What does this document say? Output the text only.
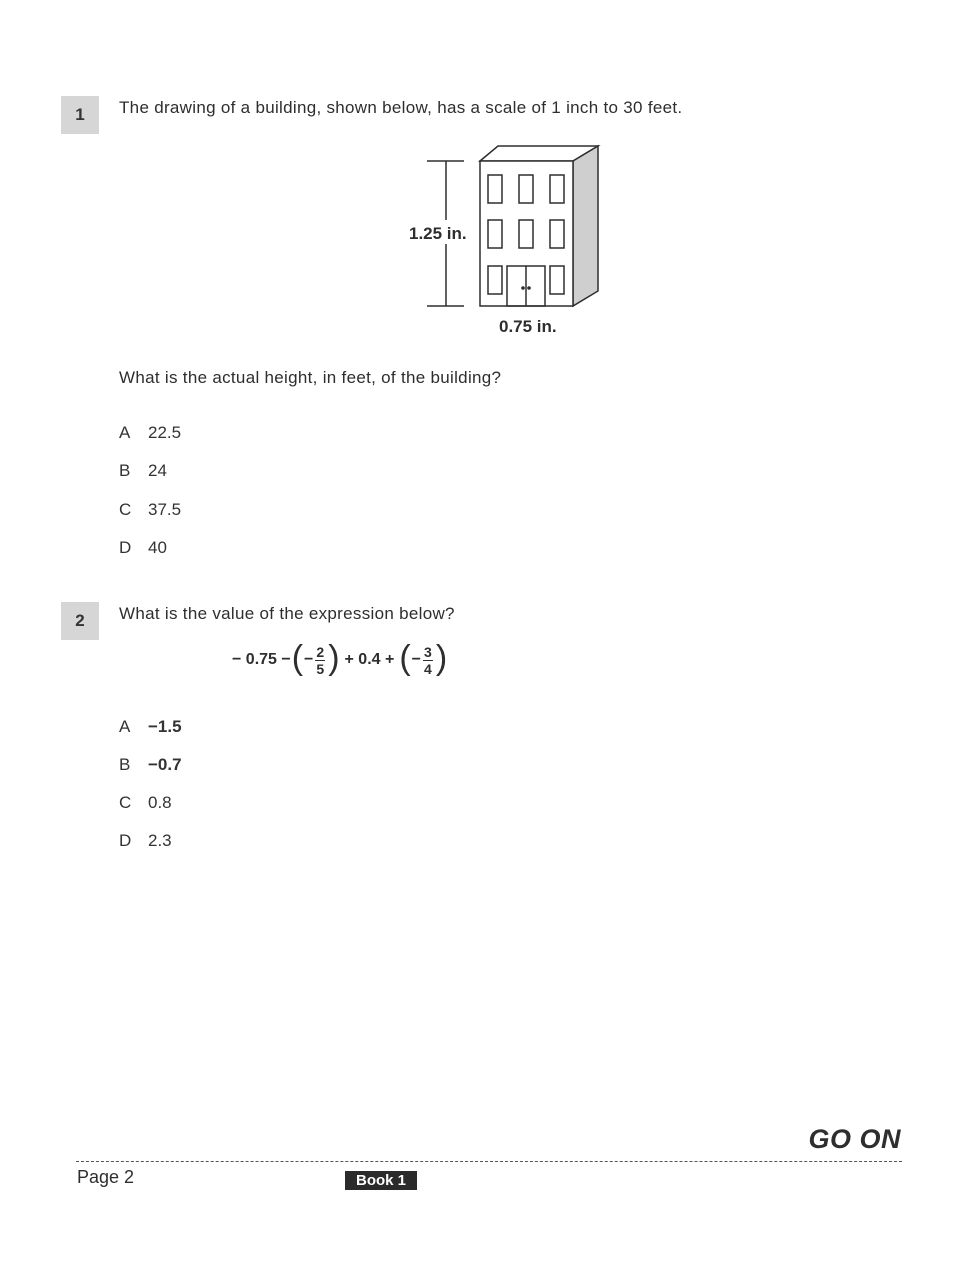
1	The drawing of a building, shown below, has a scale of 1 inch to 30 feet.
1.25 in.
0.75 in.
What is the actual height, in feet, of the building?
A	22.5
B	24
C 37.5
D 40
2	What is the value of the expression below?
− 0.75 − ( − $\frac{2}{5}$ ) + 0.4 + ( − $\frac{3}{4}$ )
A	−1.5
B	−0.7
C 0.8
D 2.3
GO ON
Page 2	Book 1
